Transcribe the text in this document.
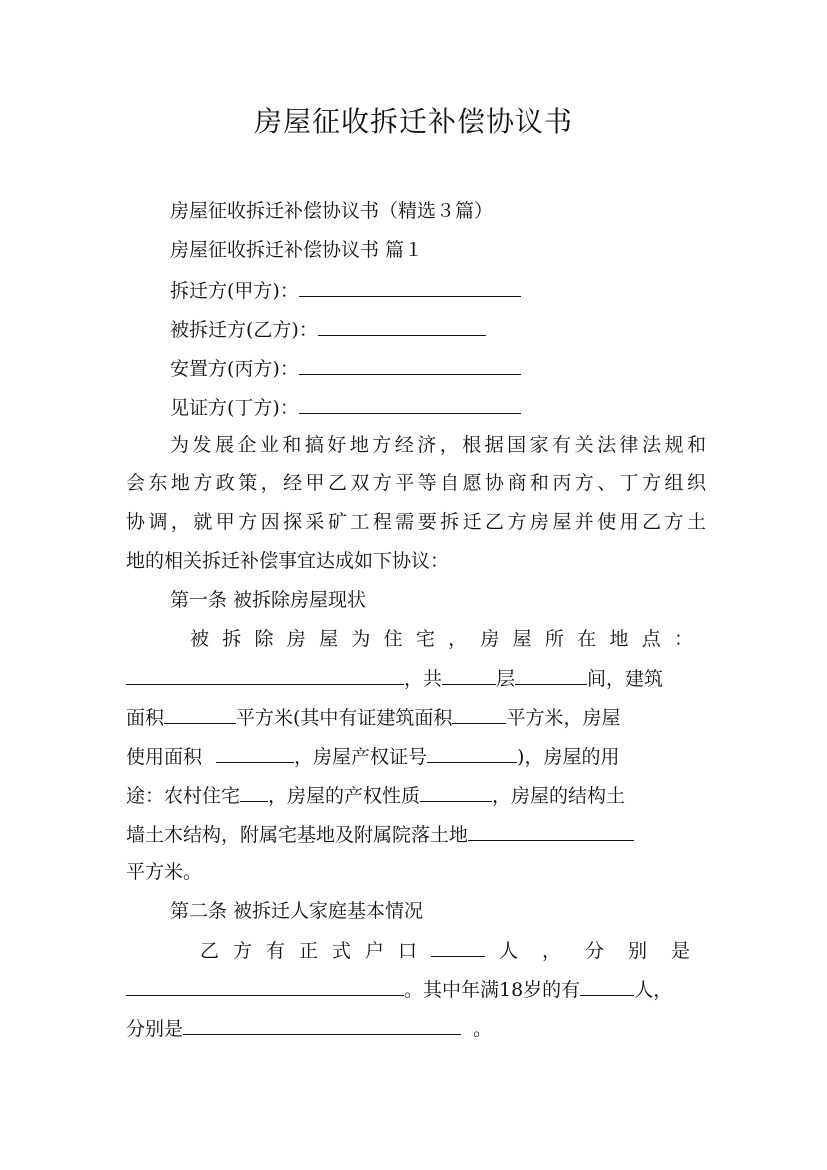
房屋征收拆迁补偿协议书
房屋征收拆迁补偿协议书（精选３篇）
房屋征收拆迁补偿协议书 篇１
拆迁方(甲方)：
被拆迁方(乙方)：
安置方(丙方)：
见证方(丁方)：
为发展企业和搞好地方经济，根据国家有关法律法规和
会东地方政策，经甲乙双方平等自愿协商和丙方、丁方组织
协调，就甲方因探采矿工程需要拆迁乙方房屋并使用乙方土
地的相关拆迁补偿事宜达成如下协议：
第一条 被拆除房屋现状
被拆除房屋为住宅，房屋所在地点：
，共	层	间，建筑
面积	平方米(其中有证建筑面积	平方米，房屋
使用面积	，房屋产权证号	)，房屋的用
途：农村住宅 ，房屋的产权性质	，房屋的结构土
墙土木结构，附属宅基地及附属院落土地
平方米。
第二条 被拆迁人家庭基本情况
乙方有正式户口	人，分别是
。其中年满18岁的有	人，
分别是	。
